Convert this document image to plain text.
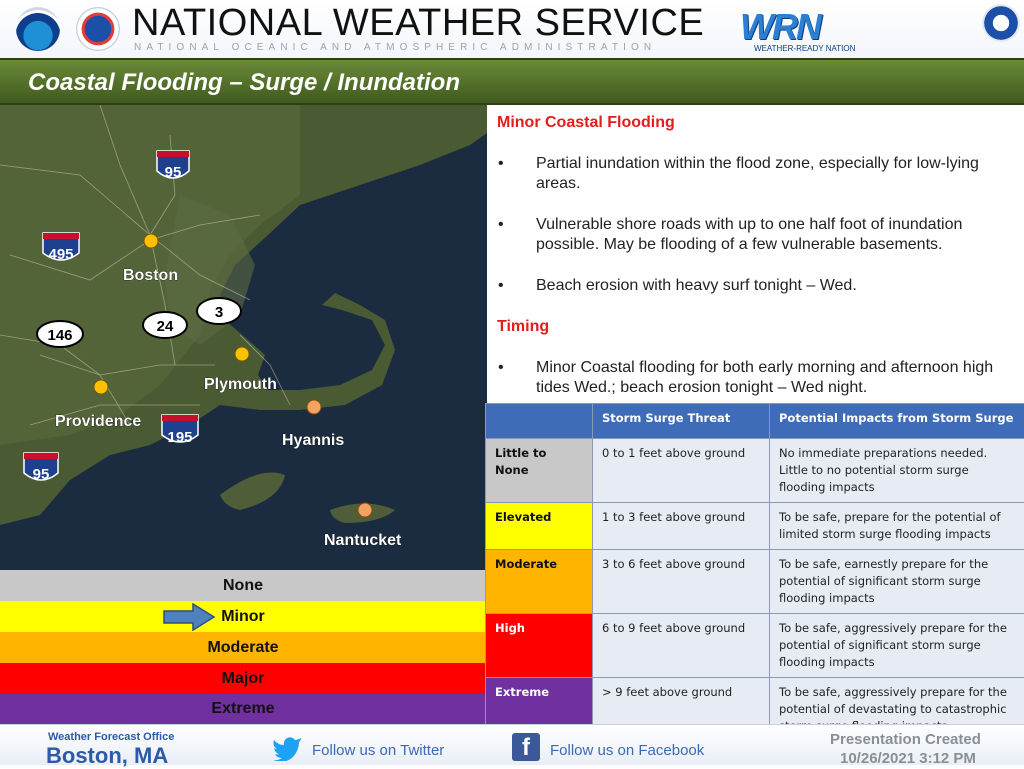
NATIONAL WEATHER SERVICE
NATIONAL OCEANIC AND ATMOSPHERIC ADMINISTRATION
WRN
WEATHER-READY NATION
Coastal Flooding – Surge / Inundation
95
495
195
95
146
24
3
Boston
Plymouth
Providence
Hyannis
Nantucket
None
Minor
Moderate
Major
Extreme
Minor Coastal Flooding
• Partial inundation within the flood zone, especially for low-lying areas.
• Vulnerable shore roads with up to one half foot of inundation possible. May be flooding of a few vulnerable basements.
• Beach erosion with heavy surf tonight – Wed.
Timing
• Minor Coastal flooding for both early morning and afternoon high tides Wed.; beach erosion tonight – Wed night.
	Storm Surge Threat	Potential Impacts from Storm Surge
Little to None	0 to 1 feet above ground	No immediate preparations needed. Little to no potential storm surge flooding impacts
Elevated	1 to 3 feet above ground	To be safe, prepare for the potential of limited storm surge flooding impacts
Moderate	3 to 6 feet above ground	To be safe, earnestly prepare for the potential of significant storm surge flooding impacts
High	6 to 9 feet above ground	To be safe, aggressively prepare for the potential of significant storm surge flooding impacts
Extreme	> 9 feet above ground	To be safe, aggressively prepare for the potential of devastating to catastrophic
Weather Forecast Office
Boston, MA	Follow us on Twitter	f	Follow us on Facebook
Presentation Created
10/26/2021 3:12 PM
